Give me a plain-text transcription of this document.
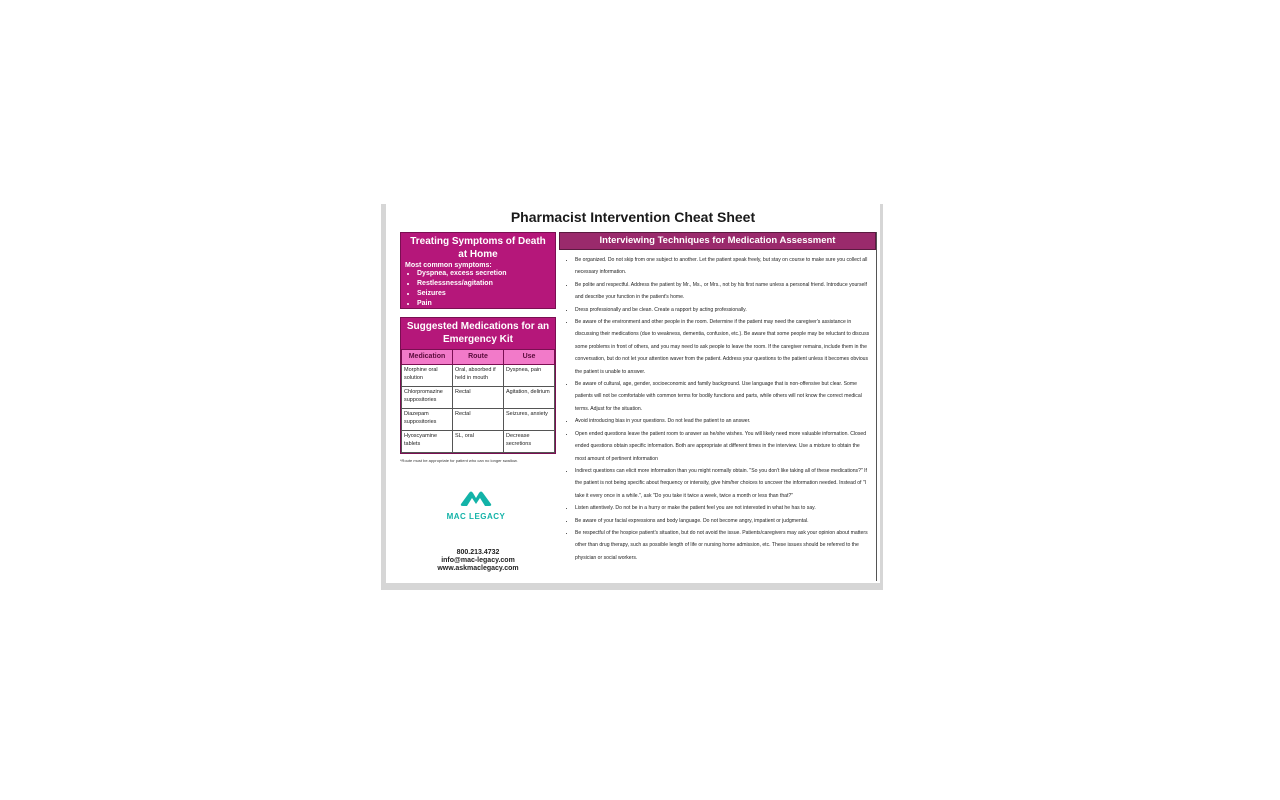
Pharmacist Intervention Cheat Sheet
Treating Symptoms of Death at Home
Most common symptoms:
• Dyspnea, excess secretion
• Restlessness/agitation
• Seizures
• Pain
Suggested Medications for an Emergency Kit
Medication	Route	Use
Morphine oral solution	Oral, absorbed if held in mouth	Dyspnea, pain
Chlorpromazine suppositories	Rectal	Agitation, delirium
Diazepam suppositories	Rectal	Seizures, anxiety
Hyoscyamine tablets	SL, oral	Decrease secretions
*Route must be appropriate for patient who can no longer swallow.
MAC LEGACY
800.213.4732
info@mac-legacy.com
www.askmaclegacy.com
Interviewing Techniques for Medication Assessment
• Be organized. Do not skip from one subject to another. Let the patient speak freely, but stay on course to make sure you collect all necessary information.
• Be polite and respectful. Address the patient by Mr., Ms., or Mrs., not by his first name unless a personal friend. Introduce yourself and describe your function in the patient's home.
• Dress professionally and be clean. Create a rapport by acting professionally.
• Be aware of the environment and other people in the room. Determine if the patient may need the caregiver's assistance in discussing their medications (due to weakness, dementia, confusion, etc.). Be aware that some people may be reluctant to discuss some problems in front of others, and you may need to ask people to leave the room. If the caregiver remains, include them in the conversation, but do not let your attention waver from the patient. Address your questions to the patient unless it becomes obvious the patient is unable to answer.
• Be aware of cultural, age, gender, socioeconomic and family background. Use language that is non-offensive but clear. Some patients will not be comfortable with common terms for bodily functions and parts, while others will not know the correct medical terms. Adjust for the situation.
• Avoid introducing bias in your questions. Do not lead the patient to an answer.
• Open ended questions leave the patient room to answer as he/she wishes. You will likely need more valuable information. Closed ended questions obtain specific information. Both are appropriate at different times in the interview. Use a mixture to obtain the most amount of pertinent information
• Indirect questions can elicit more information than you might normally obtain. "So you don't like taking all of these medications?" If the patient is not being specific about frequency or intensity, give him/her choices to uncover the information needed. Instead of "I take it every once in a while.", ask "Do you take it twice a week, twice a month or less than that?"
• Listen attentively. Do not be in a hurry or make the patient feel you are not interested in what he has to say.
• Be aware of your facial expressions and body language. Do not become angry, impatient or judgmental.
• Be respectful of the hospice patient's situation, but do not avoid the issue. Patients/caregivers may ask your opinion about matters other than drug therapy, such as possible length of life or nursing home admission, etc. These issues should be referred to the physician or social workers.
